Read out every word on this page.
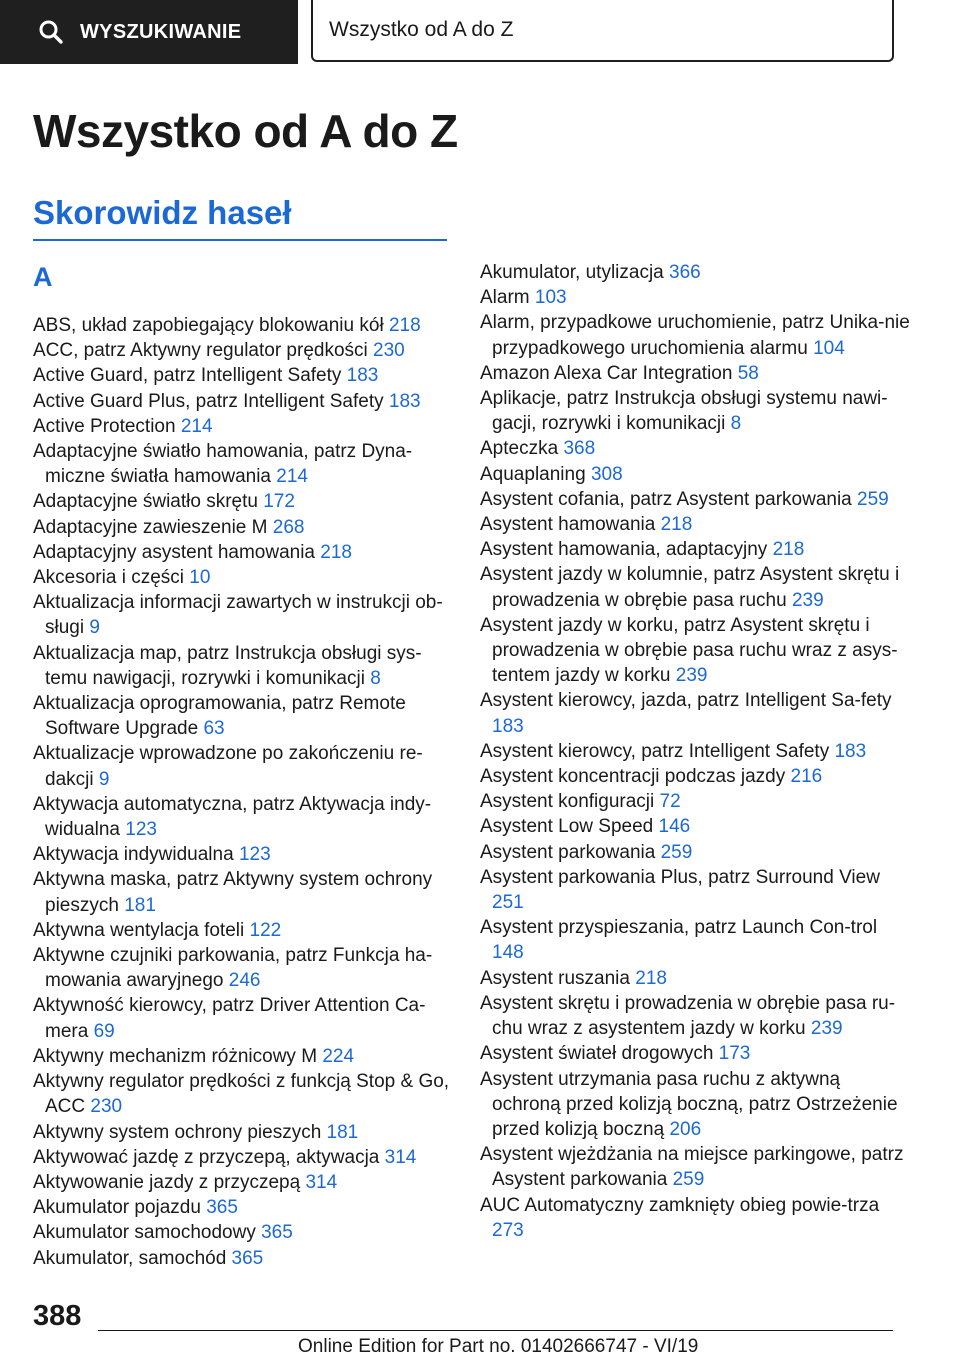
WYSZUKIWANIE	Wszystko od A do Z
Wszystko od A do Z
Skorowidz haseł
A
ABS, układ zapobiegający blokowaniu kół 218
ACC, patrz Aktywny regulator prędkości 230
Active Guard, patrz Intelligent Safety 183
Active Guard Plus, patrz Intelligent Safety 183
Active Protection 214
Adaptacyjne światło hamowania, patrz Dyna-miczne światła hamowania 214
Adaptacyjne światło skrętu 172
Adaptacyjne zawieszenie M 268
Adaptacyjny asystent hamowania 218
Akcesoria i części 10
Aktualizacja informacji zawartych w instrukcji ob-sługi 9
Aktualizacja map, patrz Instrukcja obsługi sys-temu nawigacji, rozrywki i komunikacji 8
Aktualizacja oprogramowania, patrz Remote Software Upgrade 63
Aktualizacje wprowadzone po zakończeniu re-dakcji 9
Aktywacja automatyczna, patrz Aktywacja indy-widualna 123
Aktywacja indywidualna 123
Aktywna maska, patrz Aktywny system ochrony pieszych 181
Aktywna wentylacja foteli 122
Aktywne czujniki parkowania, patrz Funkcja ha-mowania awaryjnego 246
Aktywność kierowcy, patrz Driver Attention Ca-mera 69
Aktywny mechanizm różnicowy M 224
Aktywny regulator prędkości z funkcją Stop & Go, ACC 230
Aktywny system ochrony pieszych 181
Aktywować jazdę z przyczepą, aktywacja 314
Aktywowanie jazdy z przyczepą 314
Akumulator pojazdu 365
Akumulator samochodowy 365
Akumulator, samochód 365
Akumulator, utylizacja 366
Alarm 103
Alarm, przypadkowe uruchomienie, patrz Unika-nie przypadkowego uruchomienia alarmu 104
Amazon Alexa Car Integration 58
Aplikacje, patrz Instrukcja obsługi systemu nawi-gacji, rozrywki i komunikacji 8
Apteczka 368
Aquaplaning 308
Asystent cofania, patrz Asystent parkowania 259
Asystent hamowania 218
Asystent hamowania, adaptacyjny 218
Asystent jazdy w kolumnie, patrz Asystent skrętu i prowadzenia w obrębie pasa ruchu 239
Asystent jazdy w korku, patrz Asystent skrętu i prowadzenia w obrębie pasa ruchu wraz z asys-tentem jazdy w korku 239
Asystent kierowcy, jazda, patrz Intelligent Sa-fety 183
Asystent kierowcy, patrz Intelligent Safety 183
Asystent koncentracji podczas jazdy 216
Asystent konfiguracji 72
Asystent Low Speed 146
Asystent parkowania 259
Asystent parkowania Plus, patrz Surround View 251
Asystent przyspieszania, patrz Launch Con-trol 148
Asystent ruszania 218
Asystent skrętu i prowadzenia w obrębie pasa ru-chu wraz z asystentem jazdy w korku 239
Asystent świateł drogowych 173
Asystent utrzymania pasa ruchu z aktywną ochroną przed kolizją boczną, patrz Ostrzeżenie przed kolizją boczną 206
Asystent wjeżdżania na miejsce parkingowe, patrz Asystent parkowania 259
AUC Automatyczny zamknięty obieg powie-trza 273
388
Online Edition for Part no. 01402666747 - VI/19
